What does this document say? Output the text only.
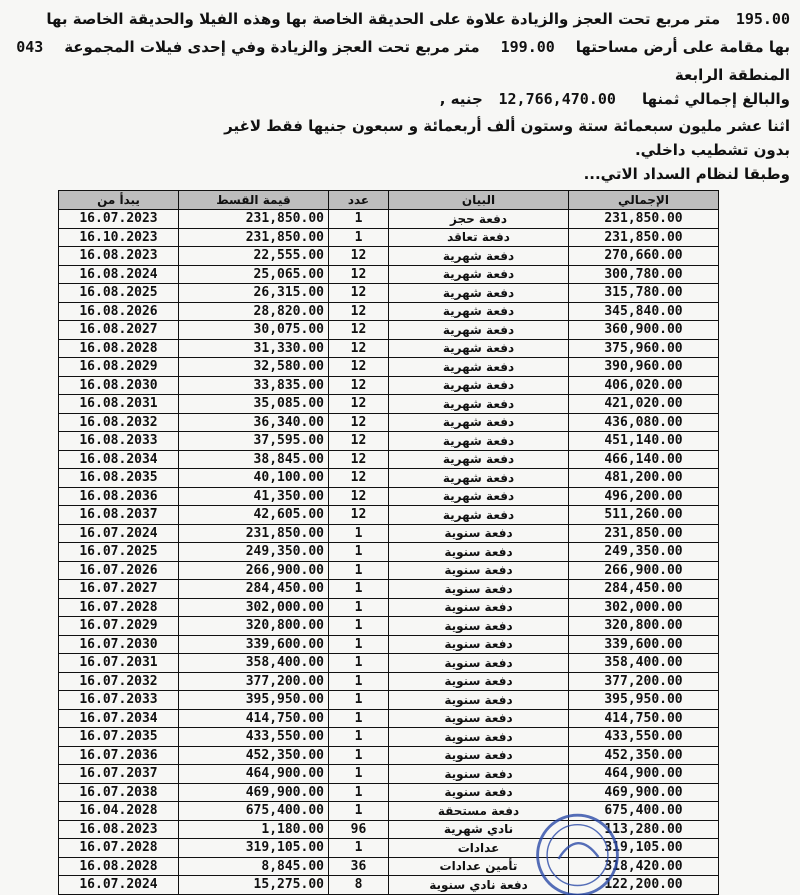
195.00   متر مربع تحت العجز والزيادة علاوة على الحديقة الخاصة بها وهذه الفيلا والحديقة الخاصة بها
بها مقامة على أرض مساحتها    199.00    متر مربع تحت العجز والزيادة وفي إحدى فيلات المجموعة    043
المنطقة الرابعة
والبالغ إجمالي ثمنها     12,766,470.00   جنيه ,
اثنا عشر مليون سبعمائة ستة وستون ألف أربعمائة و سبعون جنيها فقط لاغير
بدون تشطيب داخلي.
وطبقا لنظام السداد الاتي...
يبدأ من	قيمة القسط	عدد	البيان	الإجمالي
16.07.2023	231,850.00	1	دفعة حجز	231,850.00
16.10.2023	231,850.00	1	دفعة تعاقد	231,850.00
16.08.2023	22,555.00	12	دفعة شهرية	270,660.00
16.08.2024	25,065.00	12	دفعة شهرية	300,780.00
16.08.2025	26,315.00	12	دفعة شهرية	315,780.00
16.08.2026	28,820.00	12	دفعة شهرية	345,840.00
16.08.2027	30,075.00	12	دفعة شهرية	360,900.00
16.08.2028	31,330.00	12	دفعة شهرية	375,960.00
16.08.2029	32,580.00	12	دفعة شهرية	390,960.00
16.08.2030	33,835.00	12	دفعة شهرية	406,020.00
16.08.2031	35,085.00	12	دفعة شهرية	421,020.00
16.08.2032	36,340.00	12	دفعة شهرية	436,080.00
16.08.2033	37,595.00	12	دفعة شهرية	451,140.00
16.08.2034	38,845.00	12	دفعة شهرية	466,140.00
16.08.2035	40,100.00	12	دفعة شهرية	481,200.00
16.08.2036	41,350.00	12	دفعة شهرية	496,200.00
16.08.2037	42,605.00	12	دفعة شهرية	511,260.00
16.07.2024	231,850.00	1	دفعة سنوية	231,850.00
16.07.2025	249,350.00	1	دفعة سنوية	249,350.00
16.07.2026	266,900.00	1	دفعة سنوية	266,900.00
16.07.2027	284,450.00	1	دفعة سنوية	284,450.00
16.07.2028	302,000.00	1	دفعة سنوية	302,000.00
16.07.2029	320,800.00	1	دفعة سنوية	320,800.00
16.07.2030	339,600.00	1	دفعة سنوية	339,600.00
16.07.2031	358,400.00	1	دفعة سنوية	358,400.00
16.07.2032	377,200.00	1	دفعة سنوية	377,200.00
16.07.2033	395,950.00	1	دفعة سنوية	395,950.00
16.07.2034	414,750.00	1	دفعة سنوية	414,750.00
16.07.2035	433,550.00	1	دفعة سنوية	433,550.00
16.07.2036	452,350.00	1	دفعة سنوية	452,350.00
16.07.2037	464,900.00	1	دفعة سنوية	464,900.00
16.07.2038	469,900.00	1	دفعة سنوية	469,900.00
16.04.2028	675,400.00	1	دفعة مستحقة	675,400.00
16.08.2023	1,180.00	96	نادي شهرية	113,280.00
16.07.2028	319,105.00	1	عدادات	319,105.00
16.08.2028	8,845.00	36	تأمين عدادات	318,420.00
16.07.2024	15,275.00	8	دفعة نادي سنوية	122,200.00
